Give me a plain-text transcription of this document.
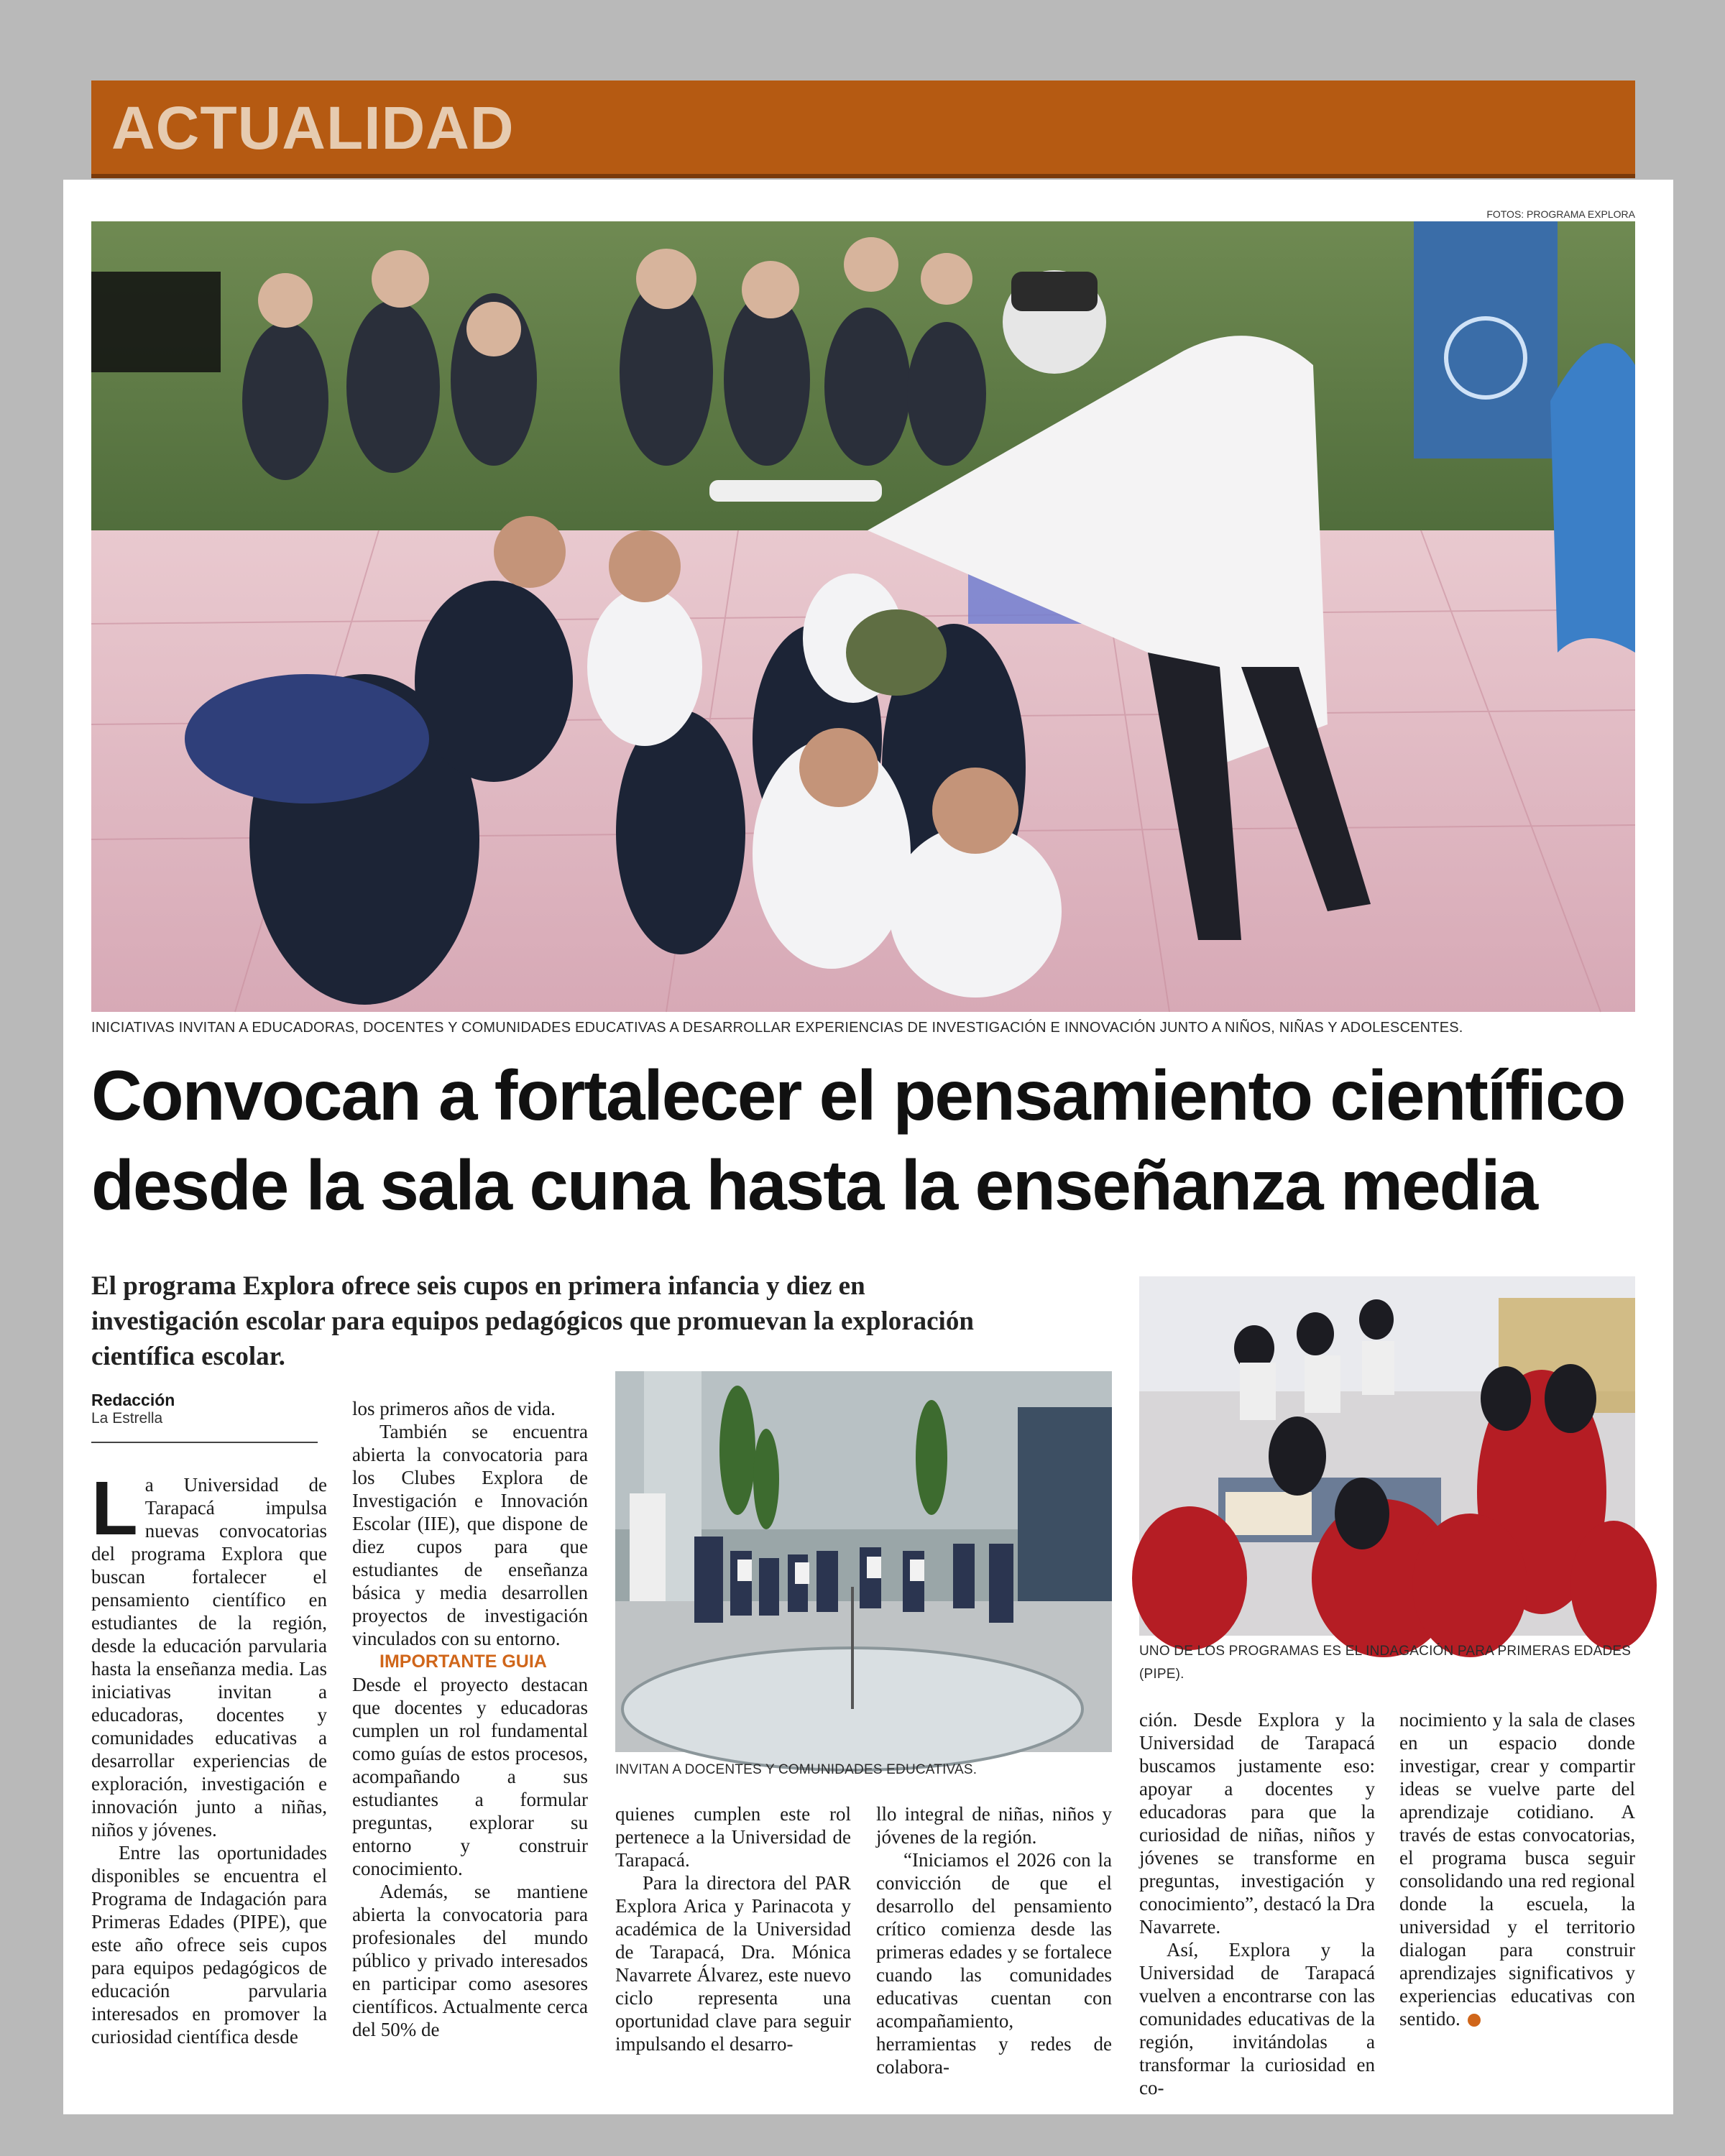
ACTUALIDAD
FOTOS: PROGRAMA EXPLORA
INICIATIVAS INVITAN A EDUCADORAS, DOCENTES Y COMUNIDADES EDUCATIVAS A DESARROLLAR EXPERIENCIAS DE INVESTIGACIÓN E INNOVACIÓN JUNTO A NIÑOS, NIÑAS Y ADOLESCENTES.
Convocan a fortalecer el pensamiento científico desde la sala cuna hasta la enseñanza media
El programa Explora ofrece seis cupos en primera infancia y diez en investigación escolar para equipos pedagógicos que promuevan la exploración científica escolar.
Redacción
La Estrella
INVITAN A DOCENTES Y COMUNIDADES EDUCATIVAS.
UNO DE LOS PROGRAMAS ES EL INDAGACIÓN PARA PRIMERAS EDADES (PIPE).

La Universidad de Tarapacá impulsa nuevas convocatorias del programa Explora que buscan fortalecer el pensamiento científico en estudiantes de la región, desde la educación parvularia hasta la enseñanza media. Las iniciativas invitan a educadoras, docentes y comunidades educativas a desarrollar experiencias de exploración, investigación e innovación junto a niñas, niños y jóvenes.

Entre las oportunidades disponibles se encuentra el Programa de Indagación para Primeras Edades (PIPE), que este año ofrece seis cupos para equipos pedagógicos de educación parvularia interesados en promover la curiosidad científica desde

los primeros años de vida.

También se encuentra abierta la convocatoria para los Clubes Explora de Investigación e Innovación Escolar (IIE), que dispone de diez cupos para que estudiantes de enseñanza básica y media desarrollen proyectos de investigación vinculados con su entorno.

IMPORTANTE GUIA

Desde el proyecto destacan que docentes y educadoras cumplen un rol fundamental como guías de estos procesos, acompañando a sus estudiantes a formular preguntas, explorar su entorno y construir conocimiento.

Además, se mantiene abierta la convocatoria para profesionales del mundo público y privado interesados en participar como asesores científicos. Actualmente cerca del 50% de

quienes cumplen este rol pertenece a la Universidad de Tarapacá.

Para la directora del PAR Explora Arica y Parinacota y académica de la Universidad de Tarapacá, Dra. Mónica Navarrete Álvarez, este nuevo ciclo representa una oportunidad clave para seguir impulsando el desarro-

llo integral de niñas, niños y jóvenes de la región.

“Iniciamos el 2026 con la convicción de que el desarrollo del pensamiento crítico comienza desde las primeras edades y se fortalece cuando las comunidades educativas cuentan con acompañamiento, herramientas y redes de colabora-

ción. Desde Explora y la Universidad de Tarapacá buscamos justamente eso: apoyar a docentes y educadoras para que la curiosidad de niñas, niños y jóvenes se transforme en preguntas, investigación y conocimiento”, destacó la Dra Navarrete.

Así, Explora y la Universidad de Tarapacá vuelven a encontrarse con las comunidades educativas de la región, invitándolas a transformar la curiosidad en co-

nocimiento y la sala de clases en un espacio donde investigar, crear y compartir ideas se vuelve parte del aprendizaje cotidiano. A través de estas convocatorias, el programa busca seguir consolidando una red regional donde la escuela, la universidad y el territorio dialogan para construir aprendizajes significativos y experiencias educativas con sentido.
